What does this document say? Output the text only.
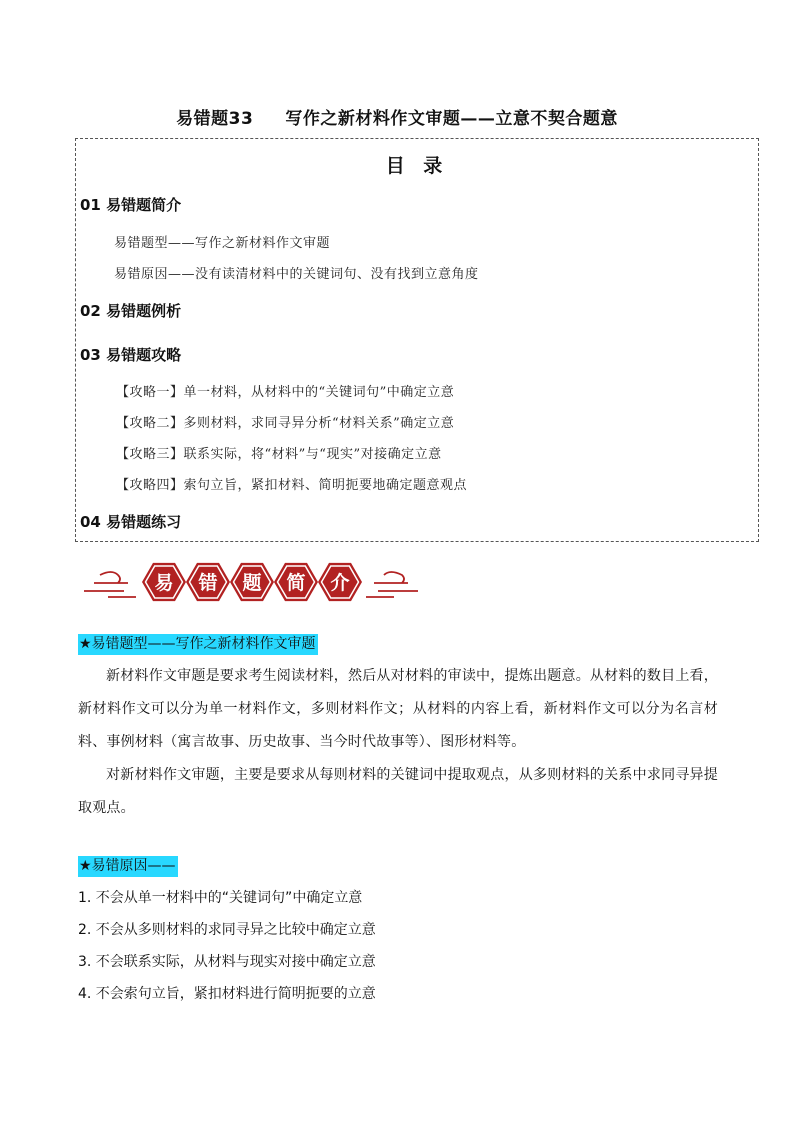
易错题33     写作之新材料作文审题——立意不契合题意
目 录
01 易错题简介
易错题型——写作之新材料作文审题
易错原因——没有读清材料中的关键词句、没有找到立意角度
02 易错题例析
03 易错题攻略
【攻略一】单一材料，从材料中的“关键词句”中确定立意
【攻略二】多则材料，求同寻异分析“材料关系”确定立意
【攻略三】联系实际，将“材料”与“现实”对接确定立意
【攻略四】索句立旨，紧扣材料、简明扼要地确定题意观点
04 易错题练习
易 错 题 简 介
★易错题型——写作之新材料作文审题
新材料作文审题是要求考生阅读材料，然后从对材料的审读中，提炼出题意。从材料的数目上看，新材料作文可以分为单一材料作文，多则材料作文；从材料的内容上看，新材料作文可以分为名言材料、事例材料（寓言故事、历史故事、当今时代故事等）、图形材料等。
对新材料作文审题，主要是要求从每则材料的关键词中提取观点，从多则材料的关系中求同寻异提取观点。
★易错原因——
1. 不会从单一材料中的“关键词句”中确定立意
2. 不会从多则材料的求同寻异之比较中确定立意
3. 不会联系实际，从材料与现实对接中确定立意
4. 不会索句立旨，紧扣材料进行简明扼要的立意
